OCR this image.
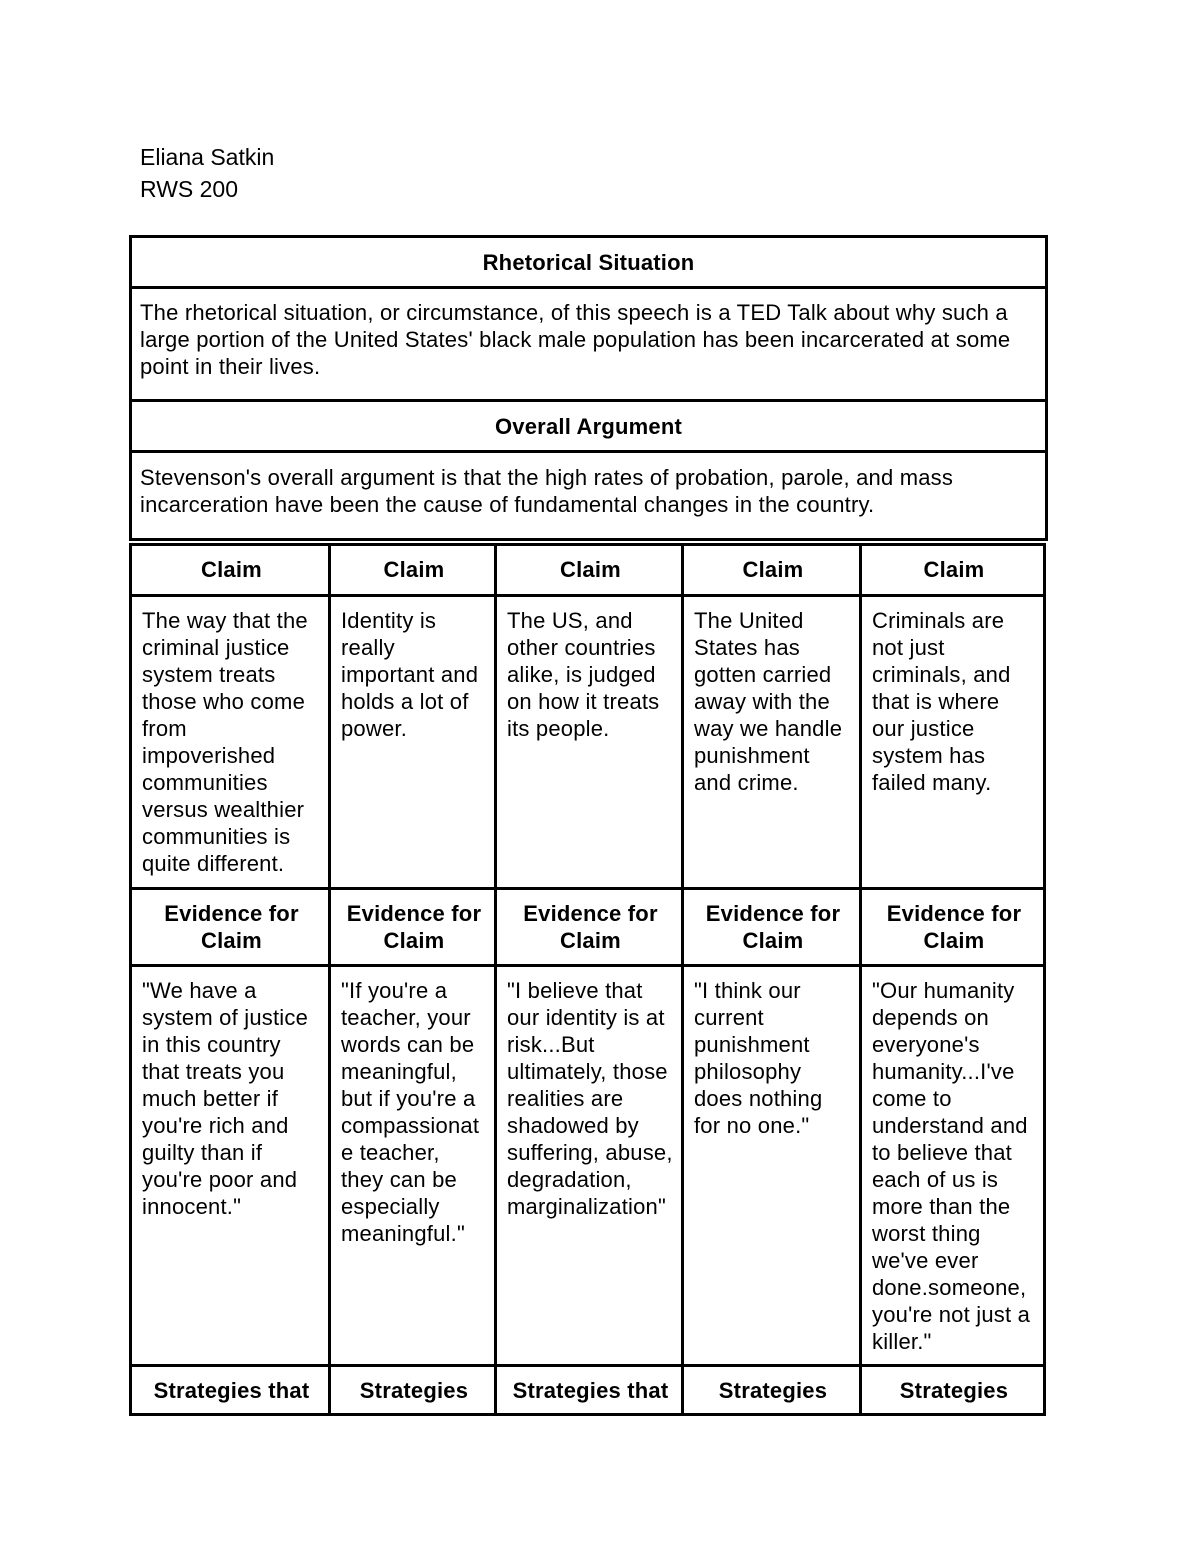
Eliana Satkin
RWS 200
Rhetorical Situation
The rhetorical situation, or circumstance, of this speech is a TED Talk about why such a large portion of the United States' black male population has been incarcerated at some point in their lives.
Overall Argument
Stevenson's overall argument is that the high rates of probation, parole, and mass incarceration have been the cause of fundamental changes in the country.
Claim	Claim	Claim	Claim	Claim
The way that the criminal justice system treats those who come from impoverished communities versus wealthier communities is quite different.	Identity is really important and holds a lot of power.	The US, and other countries alike, is judged on how it treats its people.	The United States has gotten carried away with the way we handle punishment and crime.	Criminals are not just criminals, and that is where our justice system has failed many.
Evidence for Claim	Evidence for Claim	Evidence for Claim	Evidence for Claim	Evidence for Claim
"We have a system of justice in this country that treats you much better if you're rich and guilty than if you're poor and innocent."	"If you're a teacher, your words can be meaningful, but if you're a compassionat e teacher, they can be especially meaningful."	"I believe that our identity is at risk...But ultimately, those realities are shadowed by suffering, abuse, degradation, marginalization"	"I think our current punishment philosophy does nothing for no one."	"Our humanity depends on everyone's humanity...I've come to understand and to believe that each of us is more than the worst thing we've ever done.someone, you're not just a killer."
Strategies that	Strategies	Strategies that	Strategies	Strategies
